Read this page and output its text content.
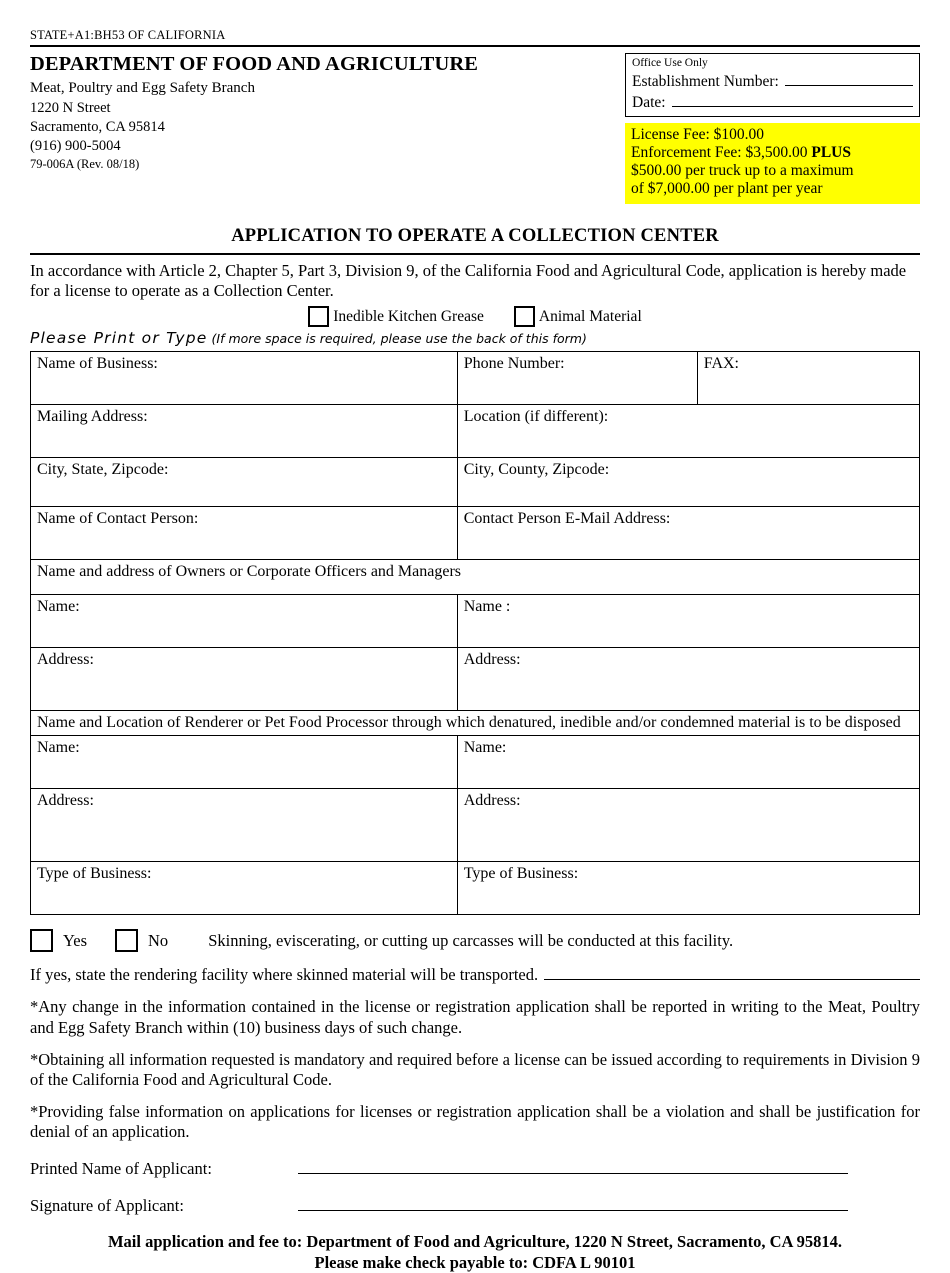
STATE+A1:BH53 OF CALIFORNIA
DEPARTMENT OF FOOD AND AGRICULTURE
Meat, Poultry and Egg Safety Branch
1220 N Street
Sacramento, CA 95814
(916) 900-5004
79-006A (Rev. 08/18)
Office Use Only
Establishment Number:
Date:
License Fee: $100.00
Enforcement Fee: $3,500.00 PLUS
$500.00 per truck up to a maximum
of $7,000.00 per plant per year
APPLICATION TO OPERATE A COLLECTION CENTER
In accordance with Article 2, Chapter 5, Part 3, Division 9, of the California Food and Agricultural Code, application is hereby made for a license to operate as a Collection Center.
Inedible Kitchen Grease	Animal Material
Please Print or Type (If more space is required, please use the back of this form)
Name of Business:	Phone Number:	FAX:
Mailing Address:	Location (if different):	
City, State, Zipcode:	City, County, Zipcode:	
Name of Contact Person:	Contact Person E-Mail Address:	
Name and address of Owners or Corporate Officers and Managers		
Name:	Name :	
Address:	Address:	
Name and Location of Renderer or Pet Food Processor through which denatured, inedible and/or condemned material is to be disposed		
Name:	Name:	
Address:	Address:	
Type of Business:	Type of Business:	
Yes	No Skinning, eviscerating, or cutting up carcasses will be conducted at this facility.
If yes, state the rendering facility where skinned material will be transported.
*Any change in the information contained in the license or registration application shall be reported in writing to the Meat, Poultry and Egg Safety Branch within (10) business days of such change.
*Obtaining all information requested is mandatory and required before a license can be issued according to requirements in Division 9 of the California Food and Agricultural Code.
*Providing false information on applications for licenses or registration application shall be a violation and shall be justification for denial of an application.
Printed Name of Applicant:
Signature of Applicant:
Mail application and fee to: Department of Food and Agriculture, 1220 N Street, Sacramento, CA 95814.
Please make check payable to: CDFA L 90101
